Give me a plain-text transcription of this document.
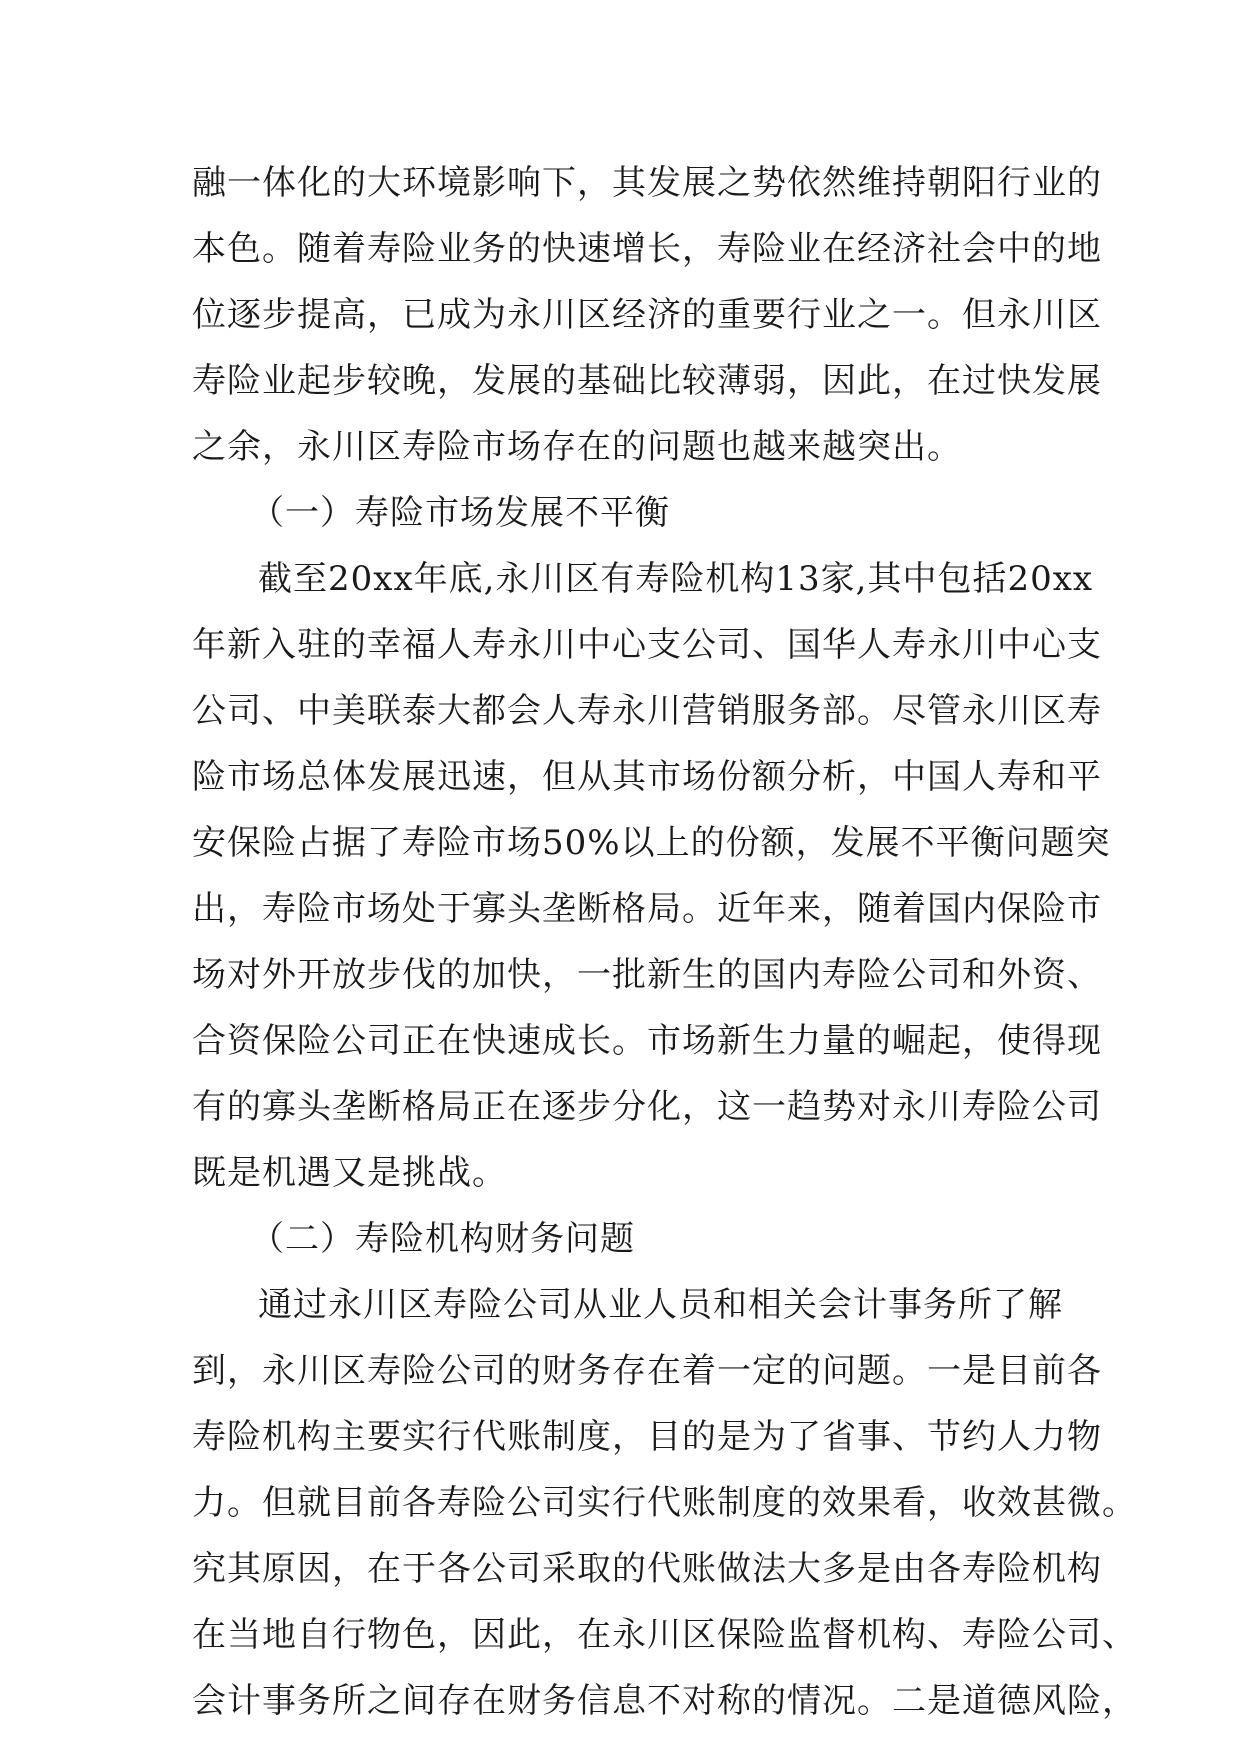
融一体化的大环境影响下，其发展之势依然维持朝阳行业的
本色。随着寿险业务的快速增长，寿险业在经济社会中的地
位逐步提高，已成为永川区经济的重要行业之一。但永川区
寿险业起步较晚，发展的基础比较薄弱，因此，在过快发展
之余，永川区寿险市场存在的问题也越来越突出。
（一）寿险市场发展不平衡
截至20xx年底,永川区有寿险机构13家,其中包括20xx
年新入驻的幸福人寿永川中心支公司、国华人寿永川中心支
公司、中美联泰大都会人寿永川营销服务部。尽管永川区寿
险市场总体发展迅速，但从其市场份额分析，中国人寿和平
安保险占据了寿险市场50%以上的份额，发展不平衡问题突
出，寿险市场处于寡头垄断格局。近年来，随着国内保险市
场对外开放步伐的加快，一批新生的国内寿险公司和外资、
合资保险公司正在快速成长。市场新生力量的崛起，使得现
有的寡头垄断格局正在逐步分化，这一趋势对永川寿险公司
既是机遇又是挑战。
（二）寿险机构财务问题
通过永川区寿险公司从业人员和相关会计事务所了解
到，永川区寿险公司的财务存在着一定的问题。一是目前各
寿险机构主要实行代账制度，目的是为了省事、节约人力物
力。但就目前各寿险公司实行代账制度的效果看，收效甚微。
究其原因，在于各公司采取的代账做法大多是由各寿险机构
在当地自行物色，因此，在永川区保险监督机构、寿险公司、
会计事务所之间存在财务信息不对称的情况。二是道德风险，
